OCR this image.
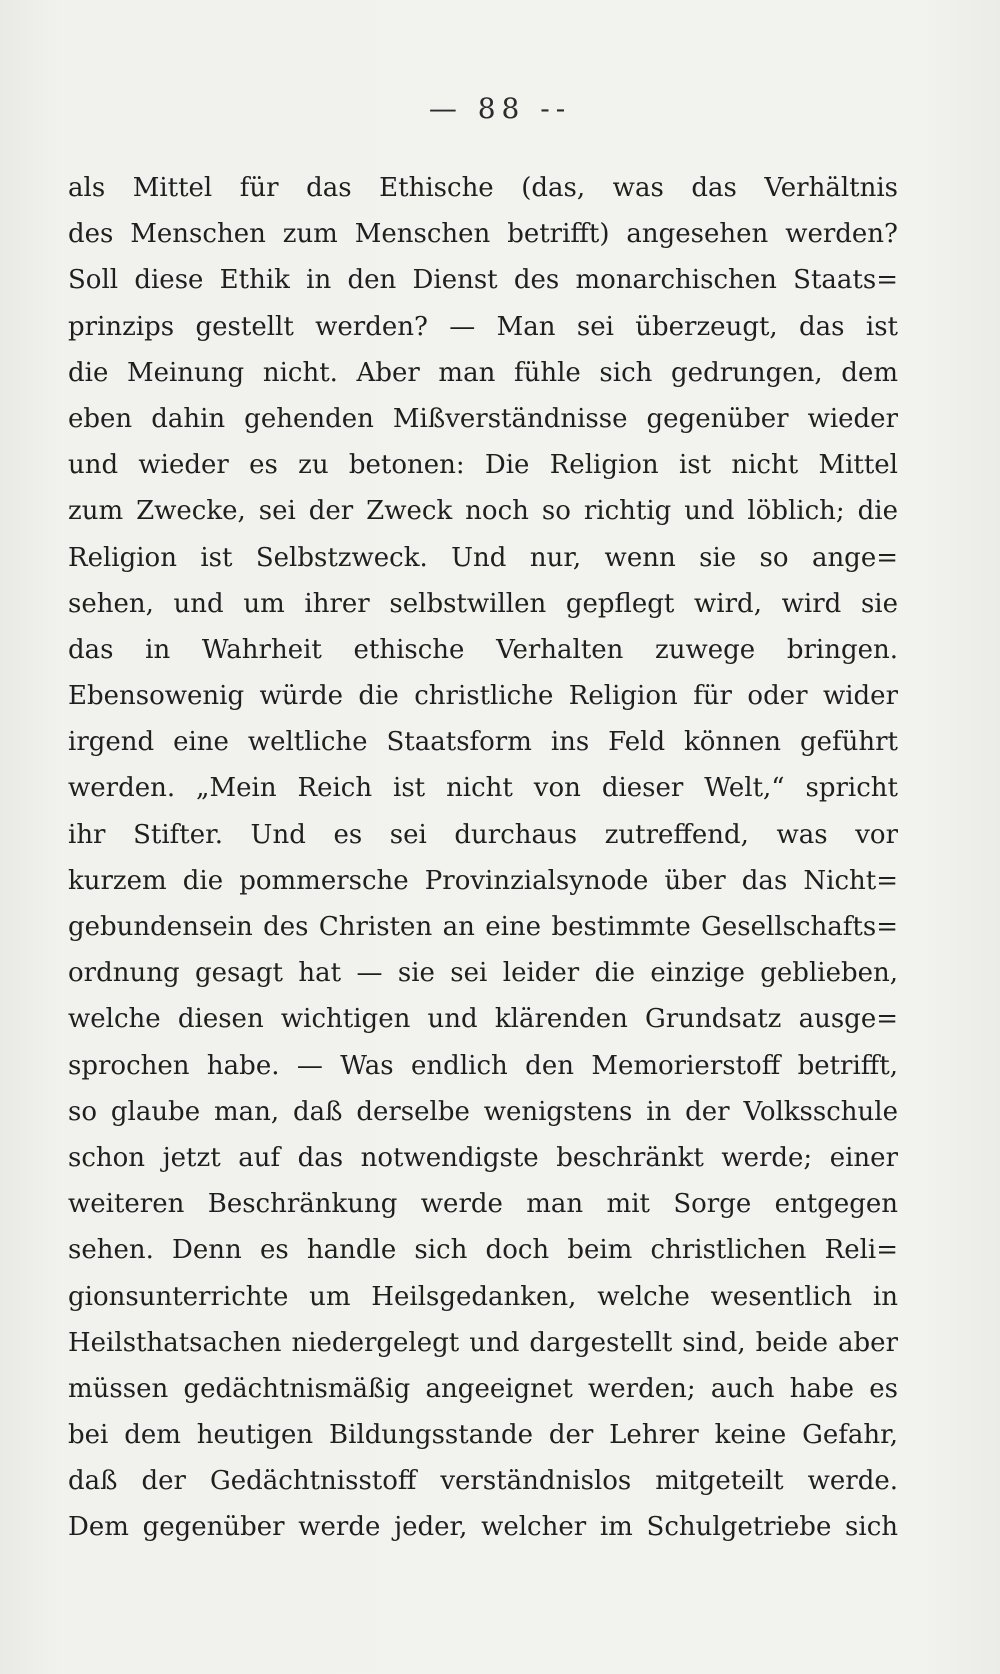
— 88 --
als Mittel für das Ethische (das, was das Verhältnis
des Menschen zum Menschen betrifft) angesehen werden?
Soll diese Ethik in den Dienst des monarchischen Staats=
prinzips gestellt werden? — Man sei überzeugt, das ist
die Meinung nicht. Aber man fühle sich gedrungen, dem
eben dahin gehenden Mißverständnisse gegenüber wieder
und wieder es zu betonen: Die Religion ist nicht Mittel
zum Zwecke, sei der Zweck noch so richtig und löblich; die
Religion ist Selbstzweck. Und nur, wenn sie so ange=
sehen, und um ihrer selbstwillen gepflegt wird, wird sie
das in Wahrheit ethische Verhalten zuwege bringen.
Ebensowenig würde die christliche Religion für oder wider
irgend eine weltliche Staatsform ins Feld können geführt
werden. „Mein Reich ist nicht von dieser Welt,“ spricht
ihr Stifter. Und es sei durchaus zutreffend, was vor
kurzem die pommersche Provinzialsynode über das Nicht=
gebundensein des Christen an eine bestimmte Gesellschafts=
ordnung gesagt hat — sie sei leider die einzige geblieben,
welche diesen wichtigen und klärenden Grundsatz ausge=
sprochen habe. — Was endlich den Memorierstoff betrifft,
so glaube man, daß derselbe wenigstens in der Volksschule
schon jetzt auf das notwendigste beschränkt werde; einer
weiteren Beschränkung werde man mit Sorge entgegen
sehen. Denn es handle sich doch beim christlichen Reli=
gionsunterrichte um Heilsgedanken, welche wesentlich in
Heilsthatsachen niedergelegt und dargestellt sind, beide aber
müssen gedächtnismäßig angeeignet werden; auch habe es
bei dem heutigen Bildungsstande der Lehrer keine Gefahr,
daß der Gedächtnisstoff verständnislos mitgeteilt werde.
Dem gegenüber werde jeder, welcher im Schulgetriebe sich
